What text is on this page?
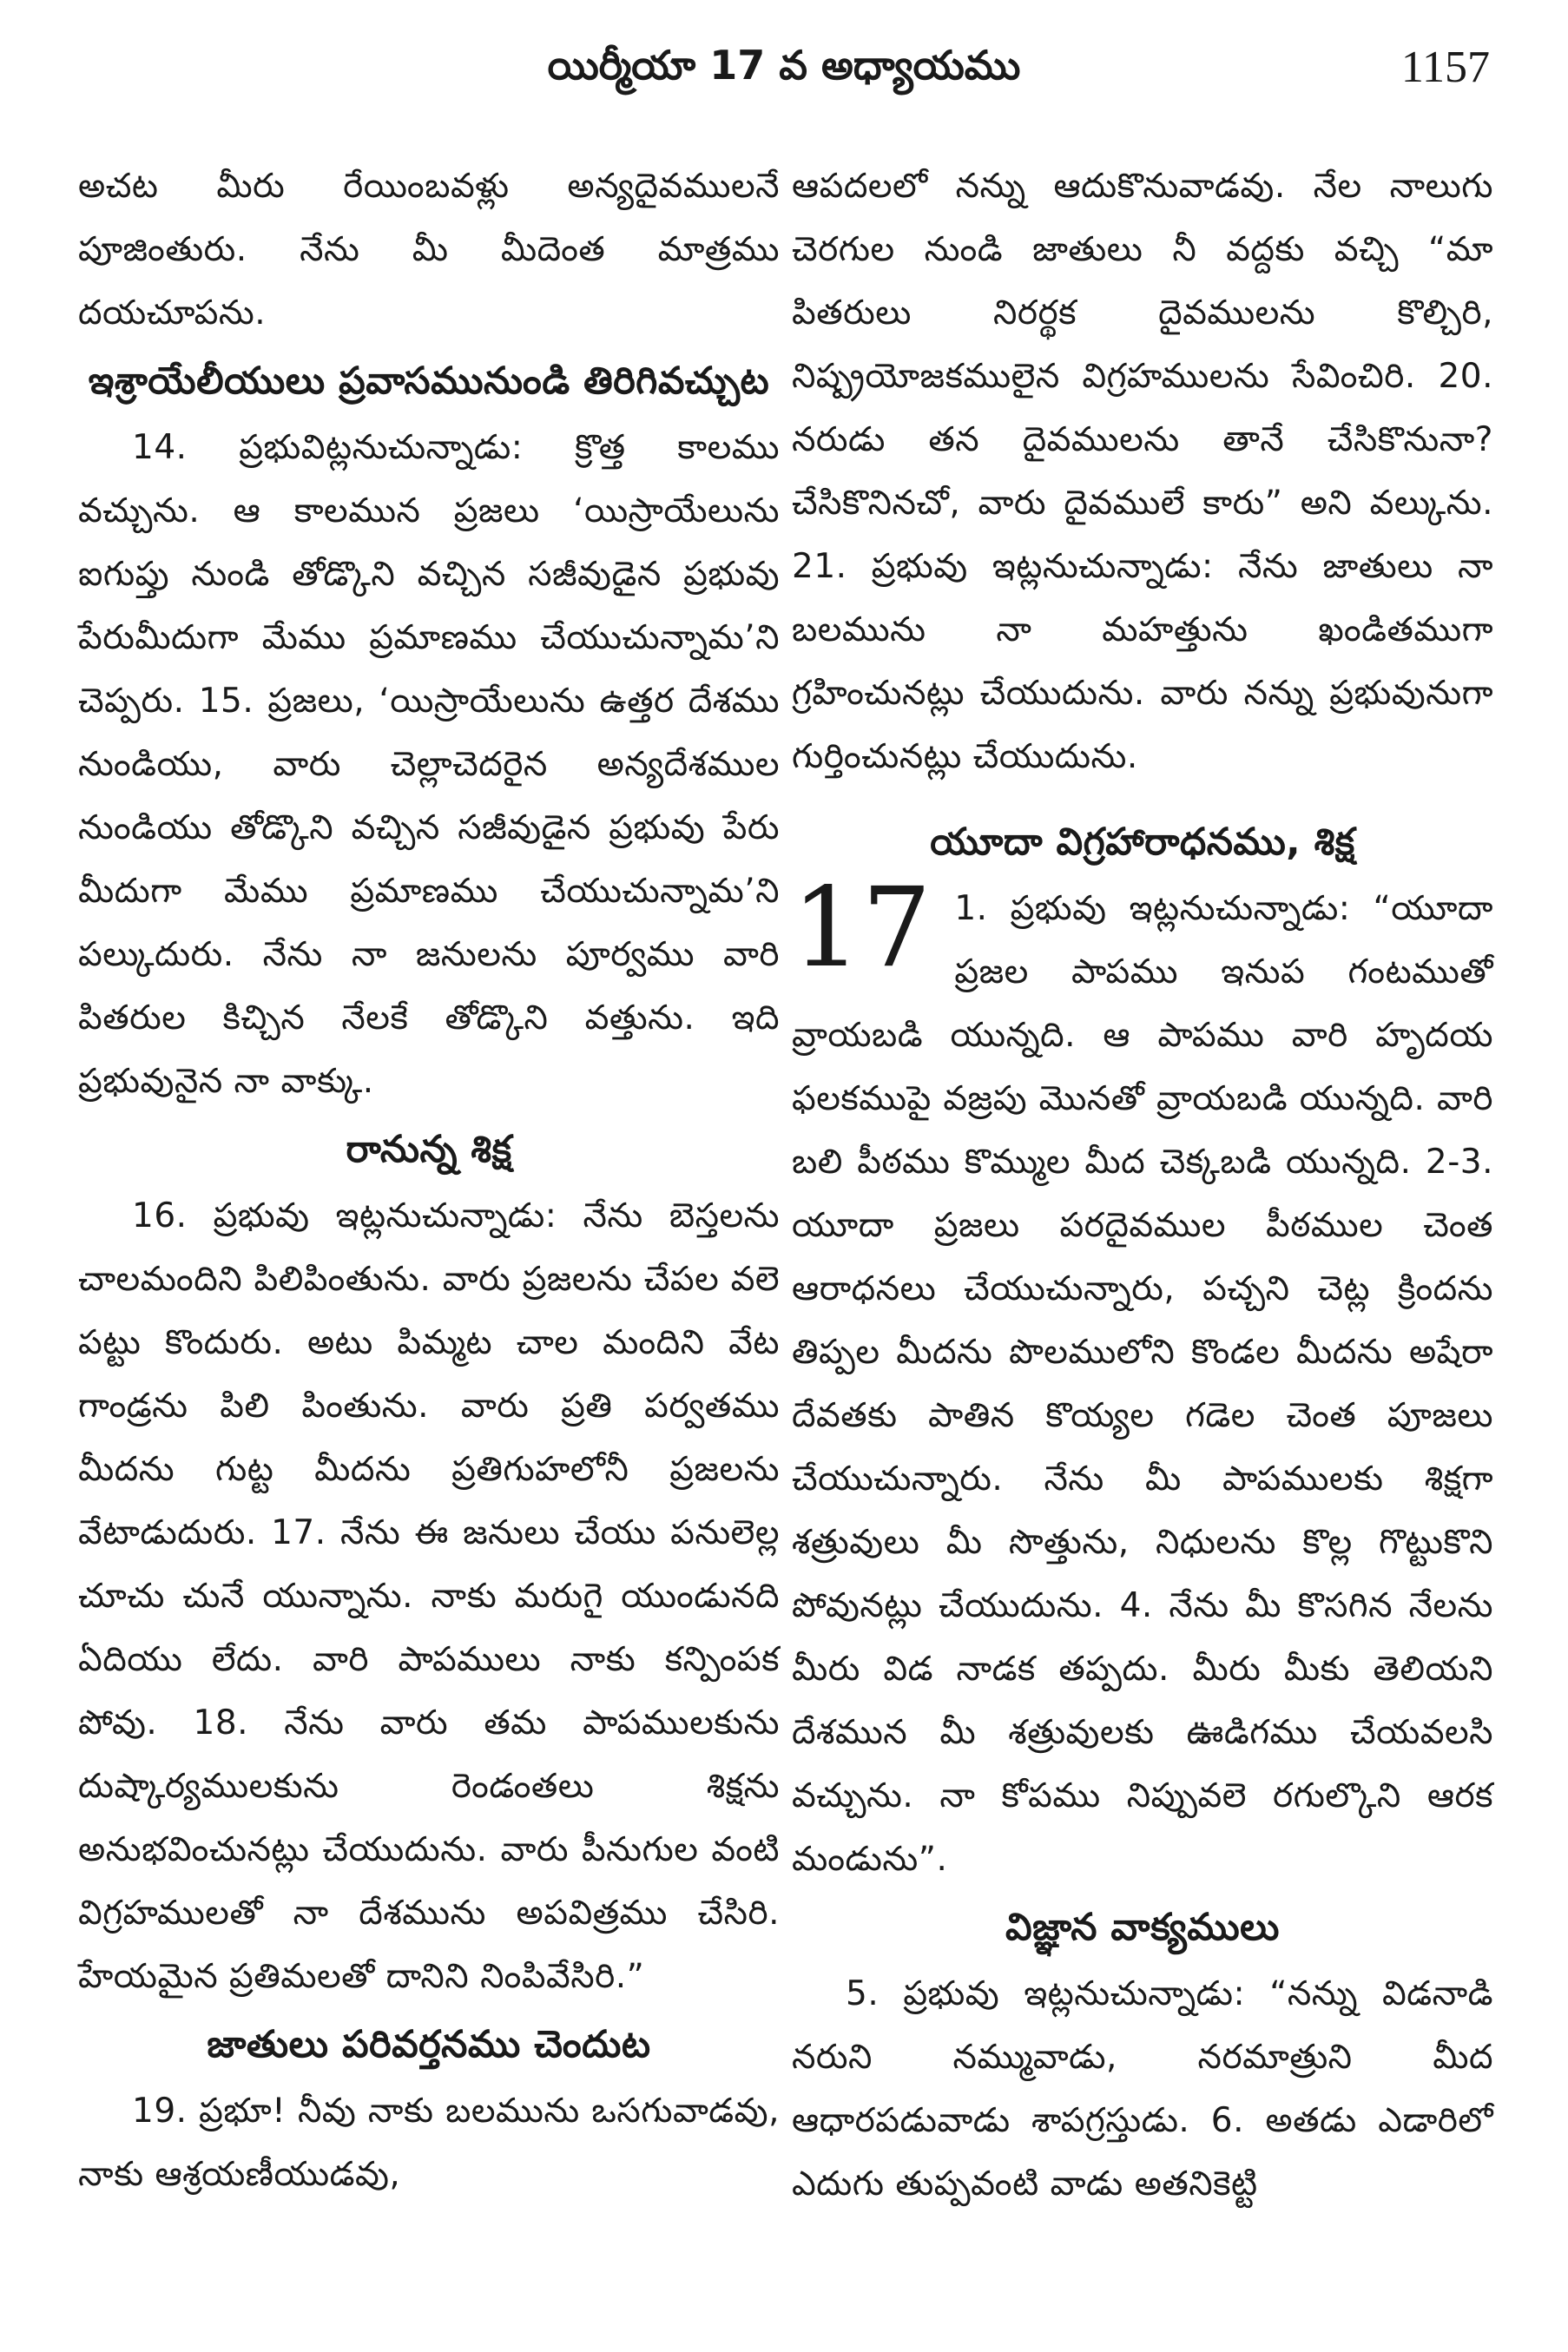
యిర్మీయా 17 వ అధ్యాయము	1157

అచట మీరు రేయింబవళ్లు అన్యదైవములనే పూజింతురు. నేను మీ మీదెంత మాత్రము దయచూపను.

ఇశ్రాయేలీయులు ప్రవాసమునుండి తిరిగివచ్చుట

14. ప్రభువిట్లనుచున్నాడు: క్రొత్త కాలము వచ్చును. ఆ కాలమున ప్రజలు ‘యిస్రాయేలును ఐగుప్తు నుండి తోడ్కొని వచ్చిన సజీవుడైన ప్రభువు పేరుమీదుగా మేము ప్రమాణము చేయుచున్నామ’ని చెప్పరు. 15. ప్రజలు, ‘యిస్రాయేలును ఉత్తర దేశము నుండియు, వారు చెల్లాచెదరైన అన్యదేశముల నుండియు తోడ్కొని వచ్చిన సజీవుడైన ప్రభువు పేరు మీదుగా మేము ప్రమాణము చేయుచున్నామ’ని పల్కుదురు. నేను నా జనులను పూర్వము వారి పితరుల కిచ్చిన నేలకే తోడ్కొని వత్తును. ఇది ప్రభువునైన నా వాక్కు.

రానున్న శిక్ష

16. ప్రభువు ఇట్లనుచున్నాడు: నేను బెస్తలను చాలమందిని పిలిపింతును. వారు ప్రజలను చేపల వలె పట్టు కొందురు. అటు పిమ్మట చాల మందిని వేట గాండ్రను పిలి పింతును. వారు ప్రతి పర్వతము మీదను గుట్ట మీదను ప్రతిగుహలోనీ ప్రజలను వేటాడుదురు. 17. నేను ఈ జనులు చేయు పనులెల్ల చూచు చునే యున్నాను. నాకు మరుగై యుండునది ఏదియు లేదు. వారి పాపములు నాకు కన్పింపక పోవు. 18. నేను వారు తమ పాపములకును దుష్కార్యములకును రెండంతలు శిక్షను అనుభవించునట్లు చేయుదును. వారు పీనుగుల వంటి విగ్రహములతో నా దేశమును అపవిత్రము చేసిరి. హేయమైన ప్రతిమలతో దానిని నింపివేసిరి.”

జాతులు పరివర్తనము చెందుట

19. ప్రభూ! నీవు నాకు బలమును ఒసగువాడవు, నాకు ఆశ్రయణీయుడవు,

ఆపదలలో నన్ను ఆదుకొనువాడవు. నేల నాలుగు చెరగుల నుండి జాతులు నీ వద్దకు వచ్చి “మా పితరులు నిరర్థక దైవములను కొల్చిరి, నిష్ప్రయోజకములైన విగ్రహములను సేవించిరి. 20. నరుడు తన దైవములను తానే చేసికొనునా? చేసికొనినచో, వారు దైవములే కారు” అని వల్కును. 21. ప్రభువు ఇట్లనుచున్నాడు: నేను జాతులు నా బలమును నా మహత్తును ఖండితముగా గ్రహించునట్లు చేయుదును. వారు నన్ను ప్రభువునుగా గుర్తించునట్లు చేయుదును.

యూదా విగ్రహారాధనము, శిక్ష

17 1. ప్రభువు ఇట్లనుచున్నాడు: “యూదా ప్రజల పాపము ఇనుప గంటముతో వ్రాయబడి యున్నది. ఆ పాపము వారి హృదయ ఫలకముపై వజ్రపు మొనతో వ్రాయబడి యున్నది. వారి బలి పీఠము కొమ్ముల మీద చెక్కబడి యున్నది. 2-3. యూదా ప్రజలు పరదైవముల పీఠముల చెంత ఆరాధనలు చేయుచున్నారు, పచ్చని చెట్ల క్రిందను తిప్పల మీదను పొలములోని కొండల మీదను అషేరా దేవతకు పాతిన కొయ్యల గడెల చెంత పూజలు చేయుచున్నారు. నేను మీ పాపములకు శిక్షగా శత్రువులు మీ సొత్తును, నిధులను కొల్ల గొట్టుకొని పోవునట్లు చేయుదును. 4. నేను మీ కొసగిన నేలను మీరు విడ నాడక తప్పదు. మీరు మీకు తెలియని దేశమున మీ శత్రువులకు ఊడిగము చేయవలసి వచ్చును. నా కోపము నిప్పువలె రగుల్కొని ఆరక మండును”.

విజ్ఞాన వాక్యములు

5. ప్రభువు ఇట్లనుచున్నాడు: “నన్ను విడనాడి నరుని నమ్మువాడు, నరమాత్రుని మీద ఆధారపడువాడు శాపగ్రస్తుడు. 6. అతడు ఎడారిలో ఎదుగు తుప్పవంటి వాడు అతనికెట్టి
